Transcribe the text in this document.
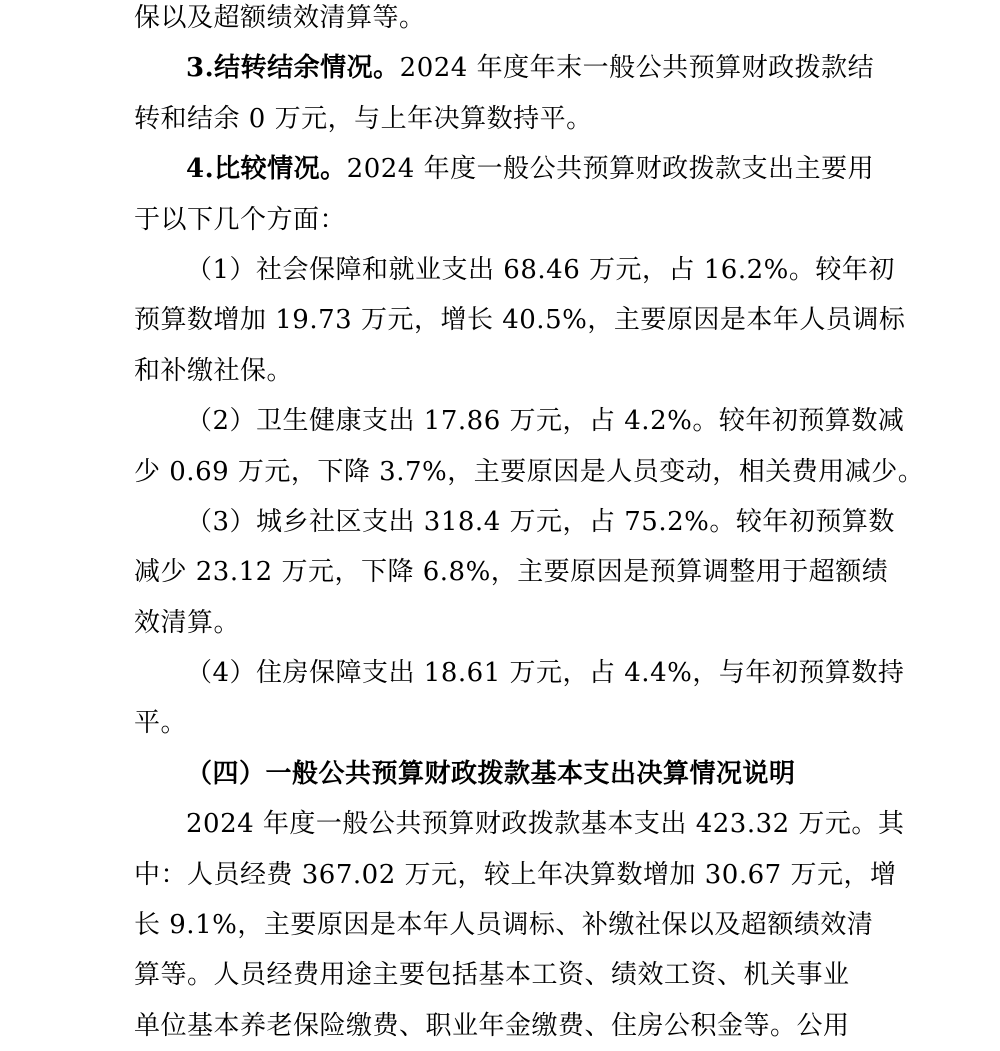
保以及超额绩效清算等。
3.结转结余情况。2024 年度年末一般公共预算财政拨款结
转和结余 0 万元，与上年决算数持平。
4.比较情况。2024 年度一般公共预算财政拨款支出主要用
于以下几个方面：
（1）社会保障和就业支出 68.46 万元，占 16.2%。较年初
预算数增加 19.73 万元，增长 40.5%，主要原因是本年人员调标
和补缴社保。
（2）卫生健康支出 17.86 万元，占 4.2%。较年初预算数减
少 0.69 万元，下降 3.7%，主要原因是人员变动，相关费用减少。
（3）城乡社区支出 318.4 万元，占 75.2%。较年初预算数
减少 23.12 万元，下降 6.8%，主要原因是预算调整用于超额绩
效清算。
（4）住房保障支出 18.61 万元，占 4.4%，与年初预算数持
平。
（四）一般公共预算财政拨款基本支出决算情况说明
2024 年度一般公共预算财政拨款基本支出 423.32 万元。其
中：人员经费 367.02 万元，较上年决算数增加 30.67 万元，增
长 9.1%，主要原因是本年人员调标、补缴社保以及超额绩效清
算等。人员经费用途主要包括基本工资、绩效工资、机关事业
单位基本养老保险缴费、职业年金缴费、住房公积金等。公用
